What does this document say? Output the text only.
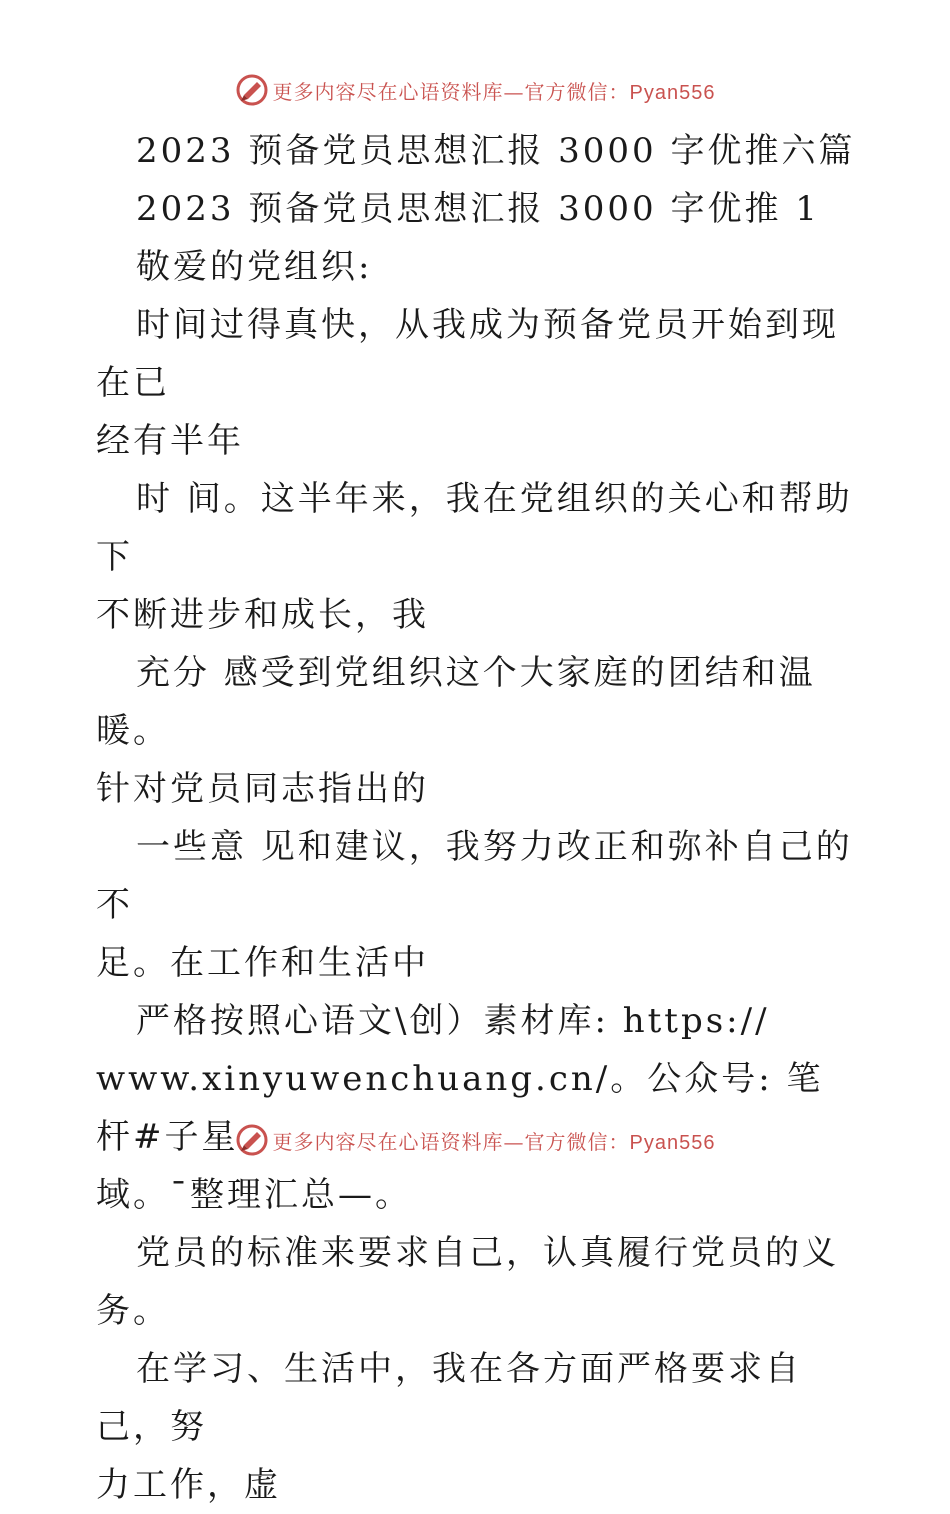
更多内容尽在心语资料库—官方微信：Pyan556

2023 预备党员思想汇报 3000 字优推六篇

2023 预备党员思想汇报 3000 字优推 1

敬爱的党组织:

时间过得真快，从我成为预备党员开始到现在已

经有半年

时 间。这半年来，我在党组织的关心和帮助下

不断进步和成长，我

充分 感受到党组织这个大家庭的团结和温暖。

针对党员同志指出的

一些意 见和建议，我努力改正和弥补自己的不

足。在工作和生活中

严格按照心语文\创）素材库: https://

www.xinyuwenchuang.cn/。公众号: 笔杆#子星

域。¯整理汇总—。

党员的标准来要求自己，认真履行党员的义务。

在学习、生活中，我在各方面严格要求自己，努

力工作，虚

更多内容尽在心语资料库—官方微信：Pyan556
